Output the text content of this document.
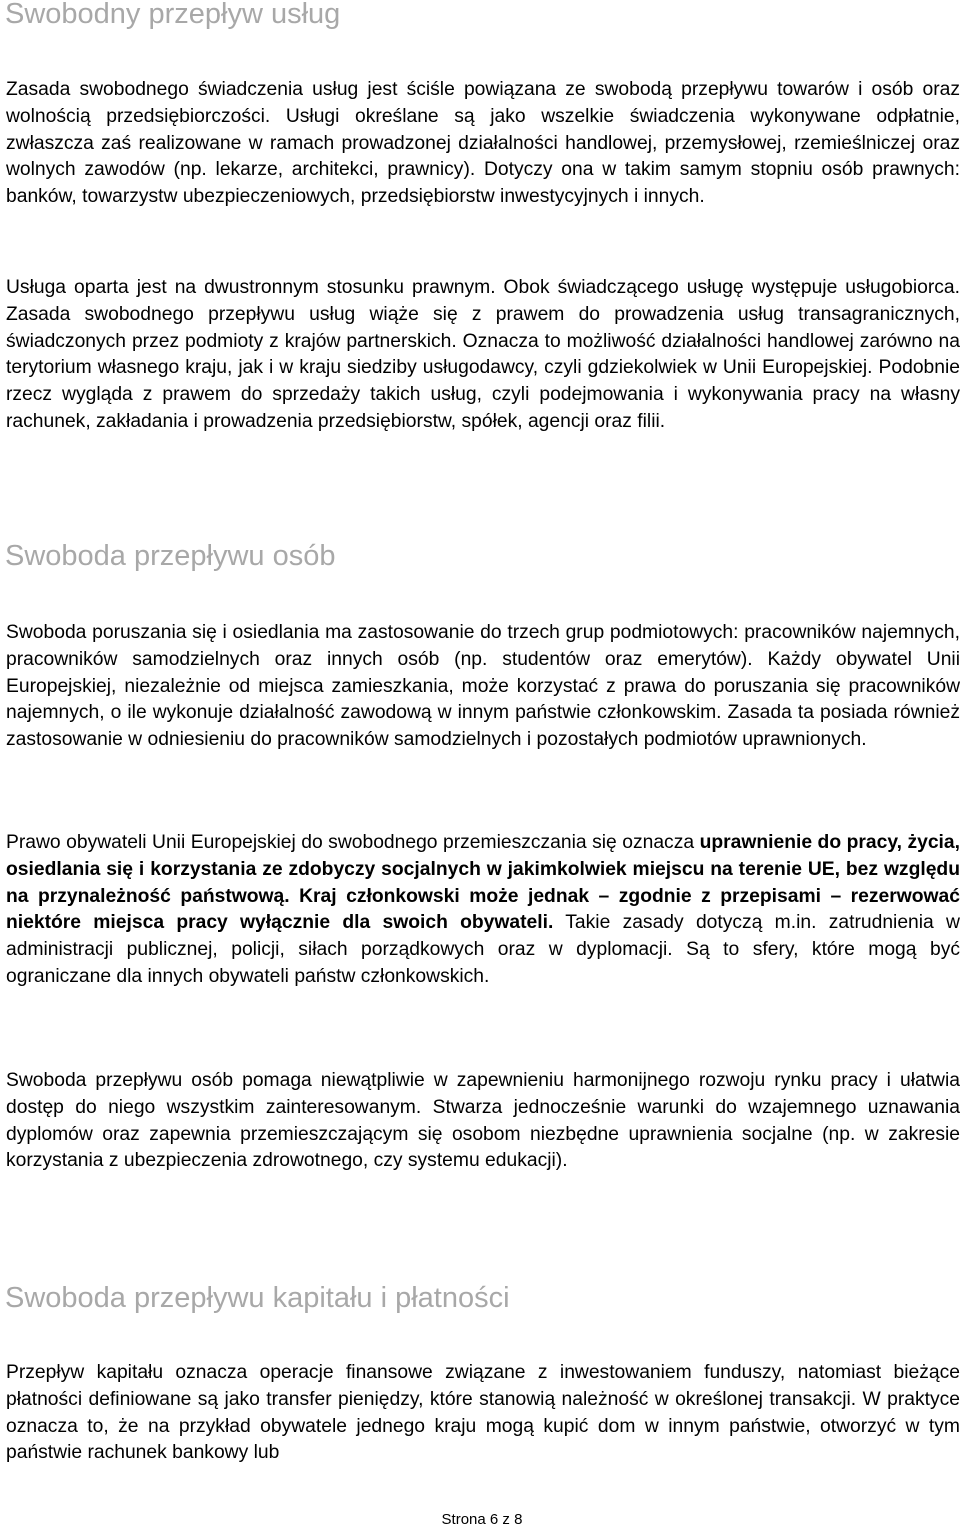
Swobodny przepływ usług

Zasada swobodnego świadczenia usług jest ściśle powiązana ze swobodą przepływu towarów i osób oraz wolnością przedsiębiorczości. Usługi określane są jako wszelkie świadczenia wykonywane odpłatnie, zwłaszcza zaś realizowane w ramach prowadzonej działalności handlowej, przemysłowej, rzemieślniczej oraz wolnych zawodów (np. lekarze, architekci, prawnicy). Dotyczy ona w takim samym stopniu osób prawnych: banków, towarzystw ubezpieczeniowych, przedsiębiorstw inwestycyjnych i innych.

Usługa oparta jest na dwustronnym stosunku prawnym. Obok świadczącego usługę występuje usługobiorca. Zasada swobodnego przepływu usług wiąże się z prawem do prowadzenia usług transagranicznych, świadczonych przez podmioty z krajów partnerskich. Oznacza to możliwość działalności handlowej zarówno na terytorium własnego kraju, jak i w kraju siedziby usługodawcy, czyli gdziekolwiek w Unii Europejskiej. Podobnie rzecz wygląda z prawem do sprzedaży takich usług, czyli podejmowania i wykonywania pracy na własny rachunek, zakładania i prowadzenia przedsiębiorstw, spółek, agencji oraz filii.

Swoboda przepływu osób

Swoboda poruszania się i osiedlania ma zastosowanie do trzech grup podmiotowych: pracowników najemnych, pracowników samodzielnych oraz innych osób (np. studentów oraz emerytów). Każdy obywatel Unii Europejskiej, niezależnie od miejsca zamieszkania, może korzystać z prawa do poruszania się pracowników najemnych, o ile wykonuje działalność zawodową w innym państwie członkowskim. Zasada ta posiada również zastosowanie w odniesieniu do pracowników samodzielnych i pozostałych podmiotów uprawnionych.

Prawo obywateli Unii Europejskiej do swobodnego przemieszczania się oznacza uprawnienie do pracy, życia, osiedlania się i korzystania ze zdobyczy socjalnych w jakimkolwiek miejscu na terenie UE, bez względu na przynależność państwową. Kraj członkowski może jednak – zgodnie z przepisami – rezerwować niektóre miejsca pracy wyłącznie dla swoich obywateli. Takie zasady dotyczą m.in. zatrudnienia w administracji publicznej, policji, siłach porządkowych oraz w dyplomacji. Są to sfery, które mogą być ograniczane dla innych obywateli państw członkowskich.

Swoboda przepływu osób pomaga niewątpliwie w zapewnieniu harmonijnego rozwoju rynku pracy i ułatwia dostęp do niego wszystkim zainteresowanym. Stwarza jednocześnie warunki do wzajemnego uznawania dyplomów oraz zapewnia przemieszczającym się osobom niezbędne uprawnienia socjalne (np. w zakresie korzystania z ubezpieczenia zdrowotnego, czy systemu edukacji).

Swoboda przepływu kapitału i płatności

Przepływ kapitału oznacza operacje finansowe związane z inwestowaniem funduszy, natomiast bieżące płatności definiowane są jako transfer pieniędzy, które stanowią należność w określonej transakcji. W praktyce oznacza to, że na przykład obywatele jednego kraju mogą kupić dom w innym państwie, otworzyć w tym państwie rachunek bankowy lub

Strona 6 z 8
